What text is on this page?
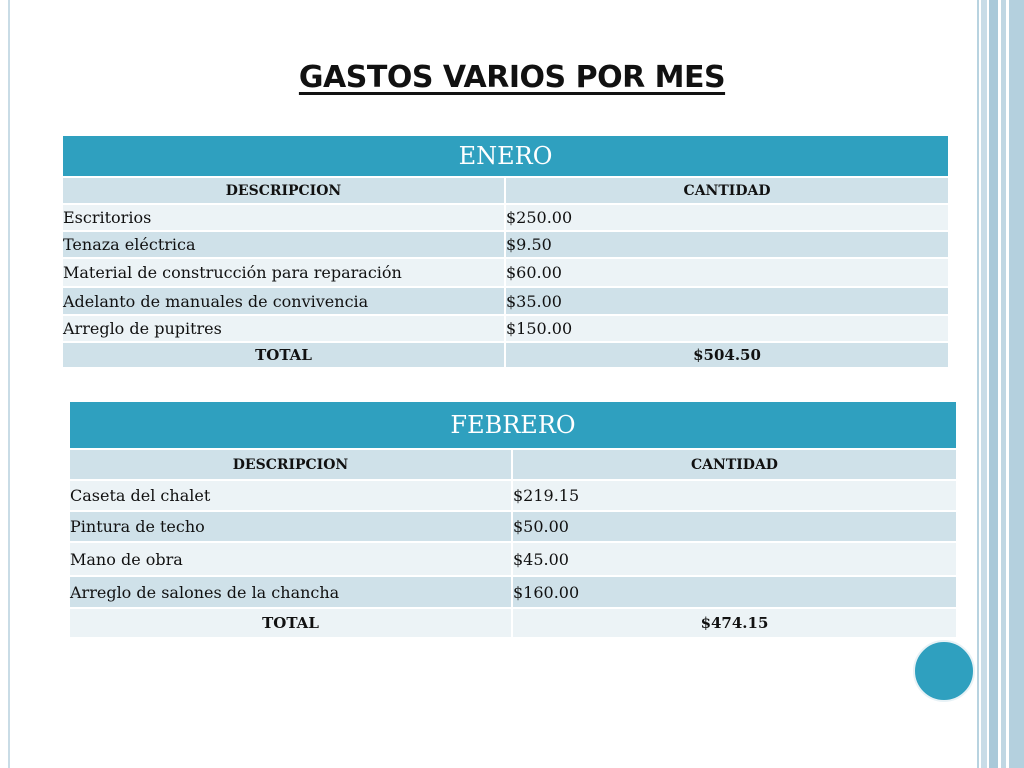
GASTOS VARIOS POR MES
ENERO	
DESCRIPCION	CANTIDAD
Escritorios	$250.00
Tenaza eléctrica	$9.50
Material de construcción para reparación	$60.00
Adelanto de manuales de convivencia	$35.00
Arreglo de pupitres	$150.00
TOTAL	$504.50
FEBRERO	
DESCRIPCION	CANTIDAD
Caseta del chalet	$219.15
Pintura de techo	$50.00
Mano de obra	$45.00
Arreglo de salones de la chancha	$160.00
TOTAL	$474.15
